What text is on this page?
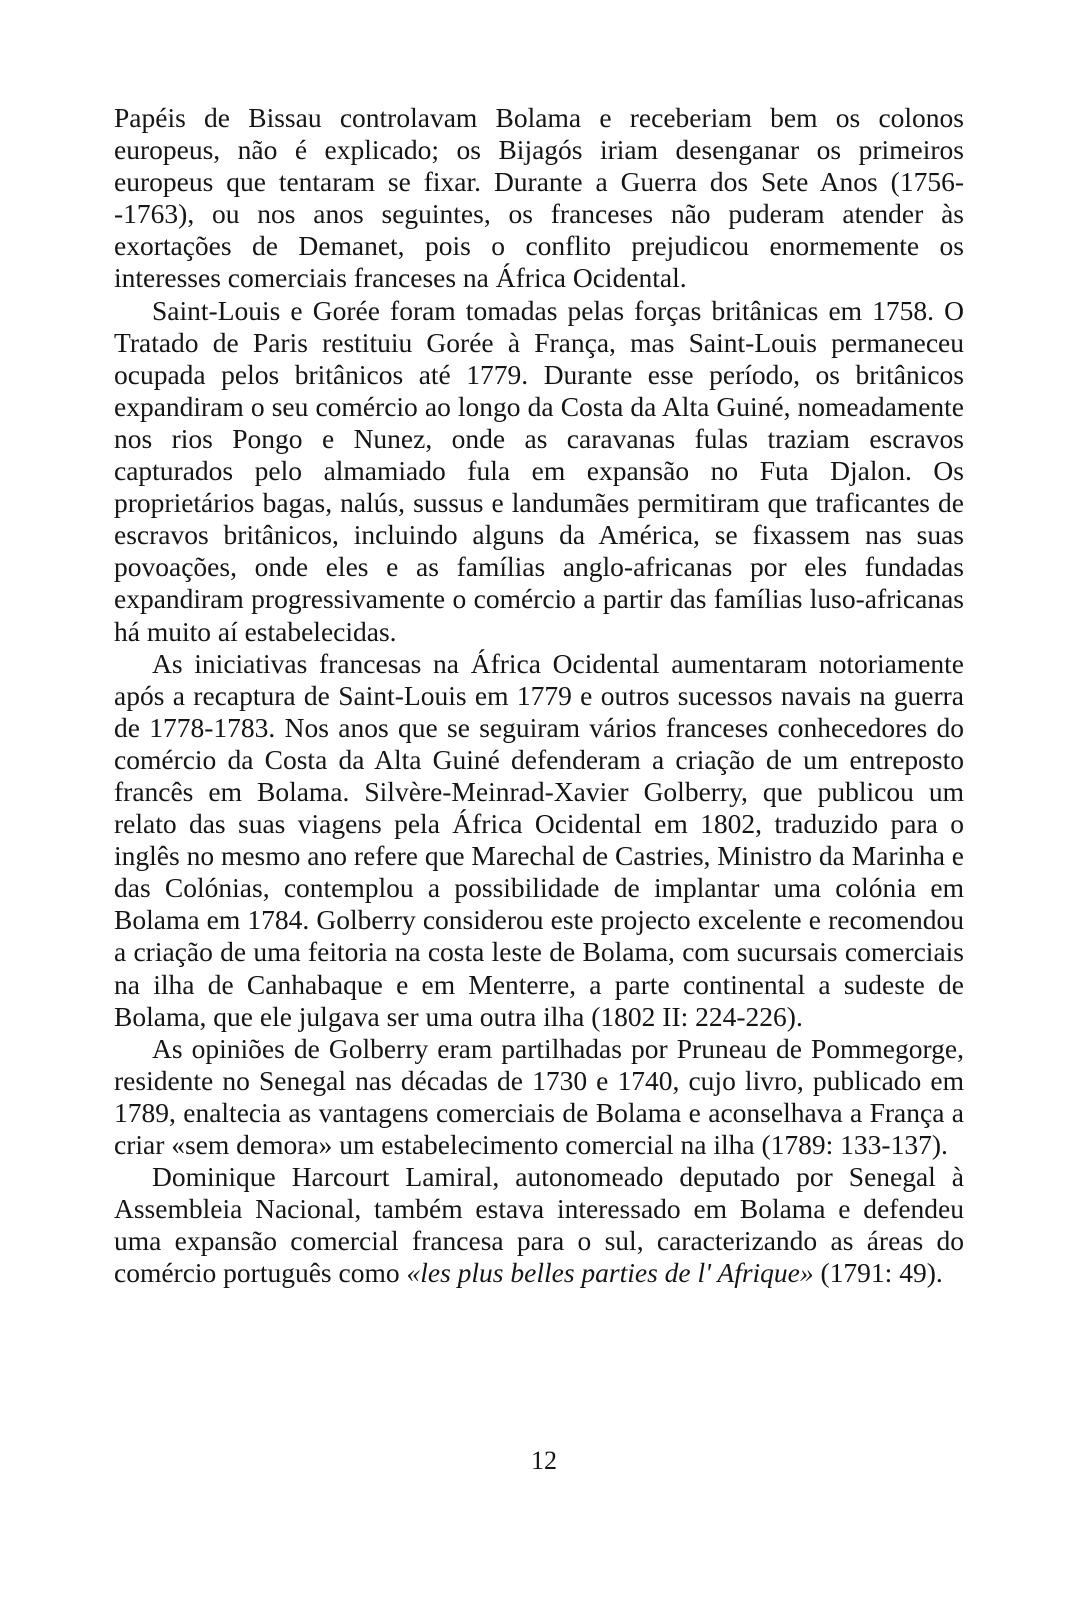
Papéis de Bissau controlavam Bolama e receberiam bem os colonos europeus, não é explicado; os Bijagós iriam desenganar os primeiros europeus que tentaram se fixar. Durante a Guerra dos Sete Anos (1756--1763), ou nos anos seguintes, os franceses não puderam atender às exortações de Demanet, pois o conflito prejudicou enormemente os interesses comerciais franceses na África Ocidental.

Saint-Louis e Gorée foram tomadas pelas forças britânicas em 1758. O Tratado de Paris restituiu Gorée à França, mas Saint-Louis permaneceu ocupada pelos britânicos até 1779. Durante esse período, os britânicos expandiram o seu comércio ao longo da Costa da Alta Guiné, nomeadamente nos rios Pongo e Nunez, onde as caravanas fulas traziam escravos capturados pelo almamiado fula em expansão no Futa Djalon. Os proprietários bagas, nalús, sussus e landumães permitiram que traficantes de escravos britânicos, incluindo alguns da América, se fixassem nas suas povoações, onde eles e as famílias anglo-africanas por eles fundadas expandiram progressivamente o comércio a partir das famílias luso-africanas há muito aí estabelecidas.

As iniciativas francesas na África Ocidental aumentaram notoriamente após a recaptura de Saint-Louis em 1779 e outros sucessos navais na guerra de 1778-1783. Nos anos que se seguiram vários franceses conhecedores do comércio da Costa da Alta Guiné defenderam a criação de um entreposto francês em Bolama. Silvère-Meinrad-Xavier Golberry, que publicou um relato das suas viagens pela África Ocidental em 1802, traduzido para o inglês no mesmo ano refere que Marechal de Castries, Ministro da Marinha e das Colónias, contemplou a possibilidade de implantar uma colónia em Bolama em 1784. Golberry considerou este projecto excelente e recomendou a criação de uma feitoria na costa leste de Bolama, com sucursais comerciais na ilha de Canhabaque e em Menterre, a parte continental a sudeste de Bolama, que ele julgava ser uma outra ilha (1802 II: 224-226).

As opiniões de Golberry eram partilhadas por Pruneau de Pommegorge, residente no Senegal nas décadas de 1730 e 1740, cujo livro, publicado em 1789, enaltecia as vantagens comerciais de Bolama e aconselhava a França a criar «sem demora» um estabelecimento comercial na ilha (1789: 133-137).

Dominique Harcourt Lamiral, autonomeado deputado por Senegal à Assembleia Nacional, também estava interessado em Bolama e defendeu uma expansão comercial francesa para o sul, caracterizando as áreas do comércio português como «les plus belles parties de l' Afrique» (1791: 49).

12
